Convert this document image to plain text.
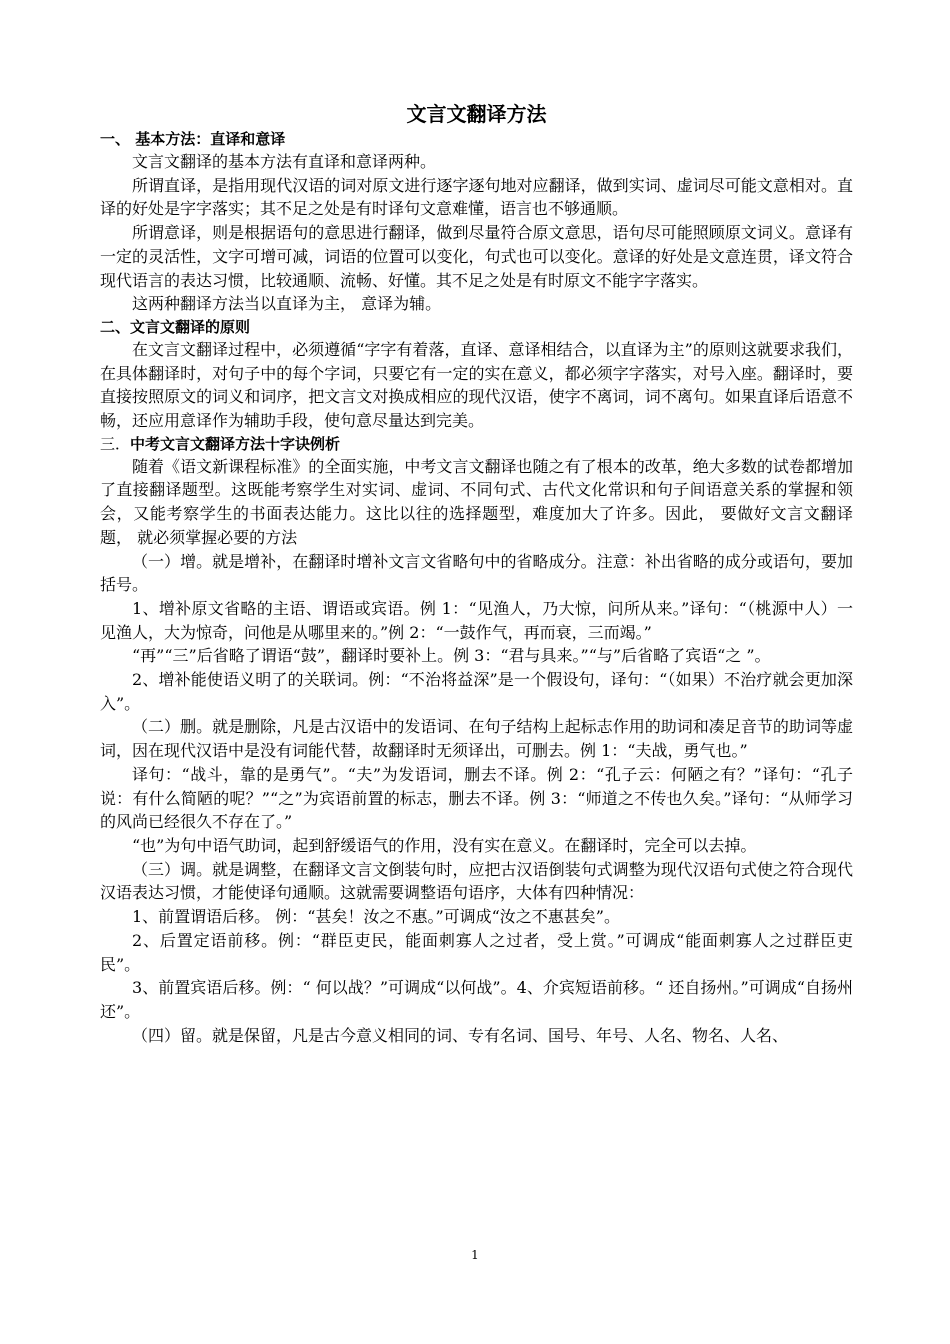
文言文翻译方法
一、 基本方法：直译和意译

文言文翻译的基本方法有直译和意译两种。

所谓直译，是指用现代汉语的词对原文进行逐字逐句地对应翻译，做到实词、虚词尽可能文意相对。直译的好处是字字落实；其不足之处是有时译句文意难懂，语言也不够通顺。

所谓意译，则是根据语句的意思进行翻译，做到尽量符合原文意思，语句尽可能照顾原文词义。意译有一定的灵活性，文字可增可减，词语的位置可以变化，句式也可以变化。意译的好处是文意连贯，译文符合现代语言的表达习惯，比较通顺、流畅、好懂。其不足之处是有时原文不能字字落实。

这两种翻译方法当以直译为主， 意译为辅。

二、文言文翻译的原则

在文言文翻译过程中，必须遵循“字字有着落，直译、意译相结合，以直译为主”的原则这就要求我们，在具体翻译时，对句子中的每个字词，只要它有一定的实在意义，都必须字字落实，对号入座。翻译时，要直接按照原文的词义和词序，把文言文对换成相应的现代汉语，使字不离词，词不离句。如果直译后语意不畅，还应用意译作为辅助手段，使句意尽量达到完美。

三．中考文言文翻译方法十字诀例析

随着《语文新课程标准》的全面实施，中考文言文翻译也随之有了根本的改革，绝大多数的试卷都增加了直接翻译题型。这既能考察学生对实词、虚词、不同句式、古代文化常识和句子间语意关系的掌握和领会，又能考察学生的书面表达能力。这比以往的选择题型，难度加大了许多。因此， 要做好文言文翻译题， 就必须掌握必要的方法

（一）增。就是增补，在翻译时增补文言文省略句中的省略成分。注意：补出省略的成分或语句，要加括号。

1、增补原文省略的主语、谓语或宾语。例 1：“见渔人，乃大惊，问所从来。”译句：“（桃源中人）一见渔人，大为惊奇，问他是从哪里来的。”例 2：“一鼓作气，再而衰，三而竭。”

“再”“三”后省略了谓语“鼓”，翻译时要补上。例 3：“君与具来。”“与”后省略了宾语“之 ”。

2、增补能使语义明了的关联词。例：“不治将益深”是一个假设句，译句：“（如果）不治疗就会更加深入”。

（二）删。就是删除，凡是古汉语中的发语词、在句子结构上起标志作用的助词和凑足音节的助词等虚词，因在现代汉语中是没有词能代替，故翻译时无须译出，可删去。例 1：“夫战，勇气也。”

译句：“战斗，靠的是勇气”。“夫”为发语词，删去不译。例 2：“孔子云：何陋之有？”译句：“孔子说：有什么简陋的呢？”“之”为宾语前置的标志，删去不译。例 3：“师道之不传也久矣。”译句：“从师学习的风尚已经很久不存在了。”

“也”为句中语气助词，起到舒缓语气的作用，没有实在意义。在翻译时，完全可以去掉。

（三）调。就是调整，在翻译文言文倒装句时，应把古汉语倒装句式调整为现代汉语句式使之符合现代汉语表达习惯，才能使译句通顺。这就需要调整语句语序，大体有四种情况：

1、前置谓语后移。 例：“甚矣！汝之不惠。”可调成“汝之不惠甚矣”。

2、后置定语前移。例：“群臣吏民，能面刺寡人之过者，受上赏。”可调成“能面刺寡人之过群臣吏民”。

3、前置宾语后移。例：“ 何以战？”可调成“以何战”。4、介宾短语前移。“ 还自扬州。”可调成“自扬州还”。

（四）留。就是保留，凡是古今意义相同的词、专有名词、国号、年号、人名、物名、人名、

1
